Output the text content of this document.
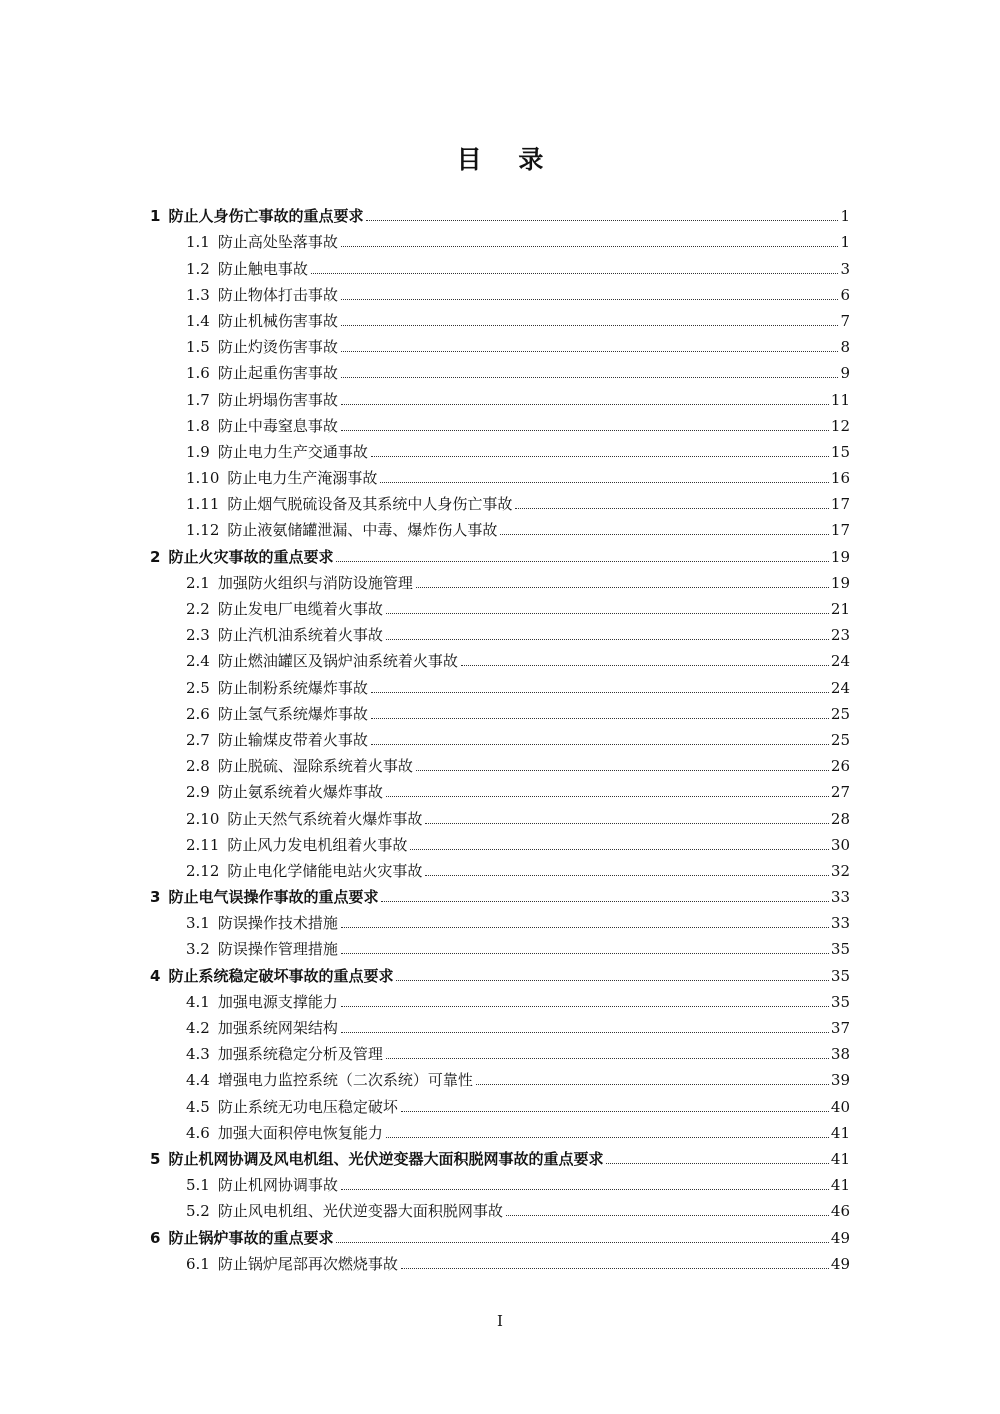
目 录
1 防止人身伤亡事故的重点要求	1
1.1 防止高处坠落事故	1
1.2 防止触电事故	3
1.3 防止物体打击事故	6
1.4 防止机械伤害事故	7
1.5 防止灼烫伤害事故	8
1.6 防止起重伤害事故	9
1.7 防止坍塌伤害事故	11
1.8 防止中毒窒息事故	12
1.9 防止电力生产交通事故	15
1.10 防止电力生产淹溺事故	16
1.11 防止烟气脱硫设备及其系统中人身伤亡事故	17
1.12 防止液氨储罐泄漏、中毒、爆炸伤人事故	17
2 防止火灾事故的重点要求	19
2.1 加强防火组织与消防设施管理	19
2.2 防止发电厂电缆着火事故	21
2.3 防止汽机油系统着火事故	23
2.4 防止燃油罐区及锅炉油系统着火事故	24
2.5 防止制粉系统爆炸事故	24
2.6 防止氢气系统爆炸事故	25
2.7 防止输煤皮带着火事故	25
2.8 防止脱硫、湿除系统着火事故	26
2.9 防止氨系统着火爆炸事故	27
2.10 防止天然气系统着火爆炸事故	28
2.11 防止风力发电机组着火事故	30
2.12 防止电化学储能电站火灾事故	32
3 防止电气误操作事故的重点要求	33
3.1 防误操作技术措施	33
3.2 防误操作管理措施	35
4 防止系统稳定破坏事故的重点要求	35
4.1 加强电源支撑能力	35
4.2 加强系统网架结构	37
4.3 加强系统稳定分析及管理	38
4.4 增强电力监控系统（二次系统）可靠性	39
4.5 防止系统无功电压稳定破坏	40
4.6 加强大面积停电恢复能力	41
5 防止机网协调及风电机组、光伏逆变器大面积脱网事故的重点要求	41
5.1 防止机网协调事故	41
5.2 防止风电机组、光伏逆变器大面积脱网事故	46
6 防止锅炉事故的重点要求	49
6.1 防止锅炉尾部再次燃烧事故	49
I
